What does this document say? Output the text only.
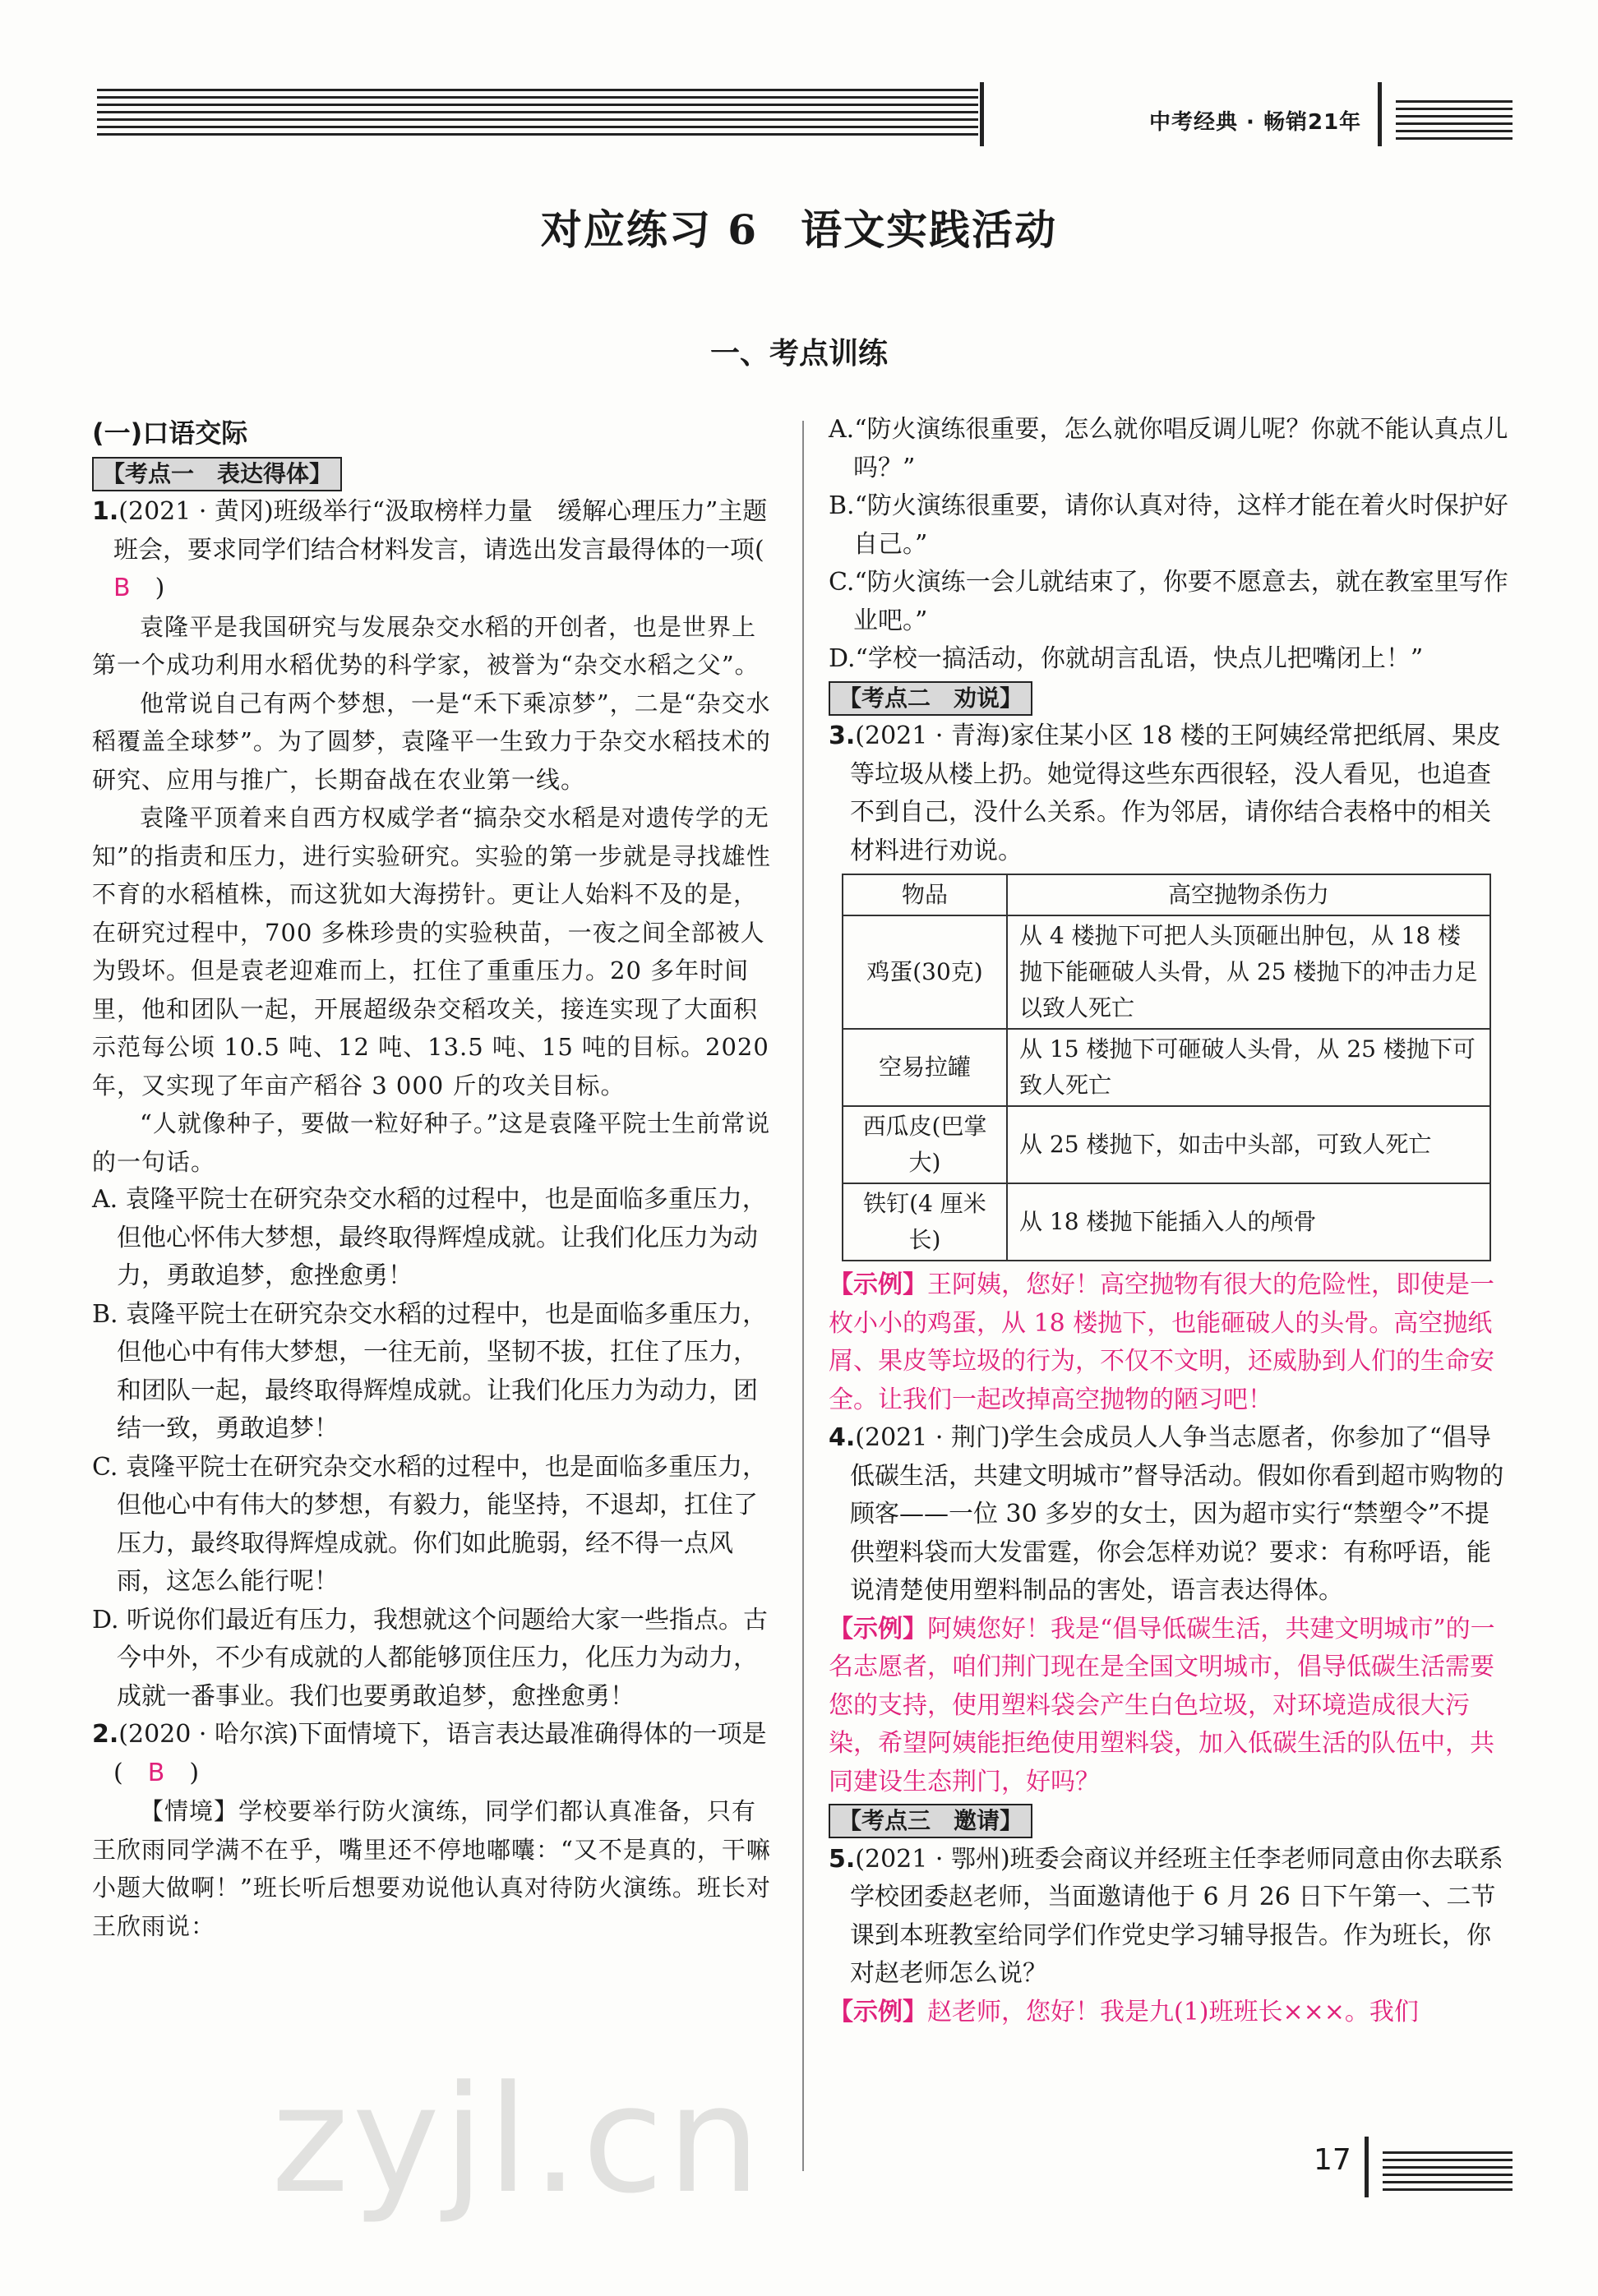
中考经典 · 畅销21年
对应练习 6　语文实践活动
一、考点训练
(一)口语交际
【考点一　表达得体】

1.(2021 · 黄冈)班级举行“汲取榜样力量　缓解心理压力”主题班会，要求同学们结合材料发言，请选出发言最得体的一项(　B　 )

袁隆平是我国研究与发展杂交水稻的开创者，也是世界上第一个成功利用水稻优势的科学家，被誉为“杂交水稻之父”。

他常说自己有两个梦想，一是“禾下乘凉梦”，二是“杂交水稻覆盖全球梦”。为了圆梦，袁隆平一生致力于杂交水稻技术的研究、应用与推广，长期奋战在农业第一线。

袁隆平顶着来自西方权威学者“搞杂交水稻是对遗传学的无知”的指责和压力，进行实验研究。实验的第一步就是寻找雄性不育的水稻植株，而这犹如大海捞针。更让人始料不及的是，在研究过程中，700 多株珍贵的实验秧苗，一夜之间全部被人为毁坏。但是袁老迎难而上，扛住了重重压力。20 多年时间里，他和团队一起，开展超级杂交稻攻关，接连实现了大面积示范每公顷 10.5 吨、12 吨、13.5 吨、15 吨的目标。2020 年，又实现了年亩产稻谷 3 000 斤的攻关目标。

“人就像种子，要做一粒好种子。”这是袁隆平院士生前常说的一句话。

A. 袁隆平院士在研究杂交水稻的过程中，也是面临多重压力，但他心怀伟大梦想，最终取得辉煌成就。让我们化压力为动力，勇敢追梦，愈挫愈勇！

B. 袁隆平院士在研究杂交水稻的过程中，也是面临多重压力，但他心中有伟大梦想，一往无前，坚韧不拔，扛住了压力，和团队一起，最终取得辉煌成就。让我们化压力为动力，团结一致，勇敢追梦！

C. 袁隆平院士在研究杂交水稻的过程中，也是面临多重压力，但他心中有伟大的梦想，有毅力，能坚持，不退却，扛住了压力，最终取得辉煌成就。你们如此脆弱，经不得一点风雨，这怎么能行呢！

D. 听说你们最近有压力，我想就这个问题给大家一些指点。古今中外，不少有成就的人都能够顶住压力，化压力为动力，成就一番事业。我们也要勇敢追梦，愈挫愈勇！

2.(2020 · 哈尔滨)下面情境下，语言表达最准确得体的一项是(　 B　 )

【情境】学校要举行防火演练，同学们都认真准备，只有王欣雨同学满不在乎，嘴里还不停地嘟囔：“又不是真的，干嘛小题大做啊！”班长听后想要劝说他认真对待防火演练。班长对王欣雨说：

A.“防火演练很重要，怎么就你唱反调儿呢？你就不能认真点儿吗？”

B.“防火演练很重要，请你认真对待，这样才能在着火时保护好自己。”

C.“防火演练一会儿就结束了，你要不愿意去，就在教室里写作业吧。”

D.“学校一搞活动，你就胡言乱语，快点儿把嘴闭上！”

【考点二　劝说】

3.(2021 · 青海)家住某小区 18 楼的王阿姨经常把纸屑、果皮等垃圾从楼上扔。她觉得这些东西很轻，没人看见，也追查不到自己，没什么关系。作为邻居，请你结合表格中的相关材料进行劝说。

物品	高空抛物杀伤力
鸡蛋(30克)	从 4 楼抛下可把人头顶砸出肿包，从 18 楼抛下能砸破人头骨，从 25 楼抛下的冲击力足以致人死亡
空易拉罐	从 15 楼抛下可砸破人头骨，从 25 楼抛下可致人死亡
西瓜皮(巴掌大)	从 25 楼抛下，如击中头部，可致人死亡
铁钉(4 厘米长)	从 18 楼抛下能插入人的颅骨

【示例】王阿姨，您好！高空抛物有很大的危险性，即使是一枚小小的鸡蛋，从 18 楼抛下，也能砸破人的头骨。高空抛纸屑、果皮等垃圾的行为，不仅不文明，还威胁到人们的生命安全。让我们一起改掉高空抛物的陋习吧！

4.(2021 · 荆门)学生会成员人人争当志愿者，你参加了“倡导低碳生活，共建文明城市”督导活动。假如你看到超市购物的顾客——一位 30 多岁的女士，因为超市实行“禁塑令”不提供塑料袋而大发雷霆，你会怎样劝说？要求：有称呼语，能说清楚使用塑料制品的害处，语言表达得体。

【示例】阿姨您好！我是“倡导低碳生活，共建文明城市”的一名志愿者，咱们荆门现在是全国文明城市，倡导低碳生活需要您的支持，使用塑料袋会产生白色垃圾，对环境造成很大污染，希望阿姨能拒绝使用塑料袋，加入低碳生活的队伍中，共同建设生态荆门，好吗？

【考点三　邀请】

5.(2021 · 鄂州)班委会商议并经班主任李老师同意由你去联系学校团委赵老师，当面邀请他于 6 月 26 日下午第一、二节课到本班教室给同学们作党史学习辅导报告。作为班长，你对赵老师怎么说？

【示例】赵老师，您好！我是九(1)班班长×××。我们

zyjl.cn	17
